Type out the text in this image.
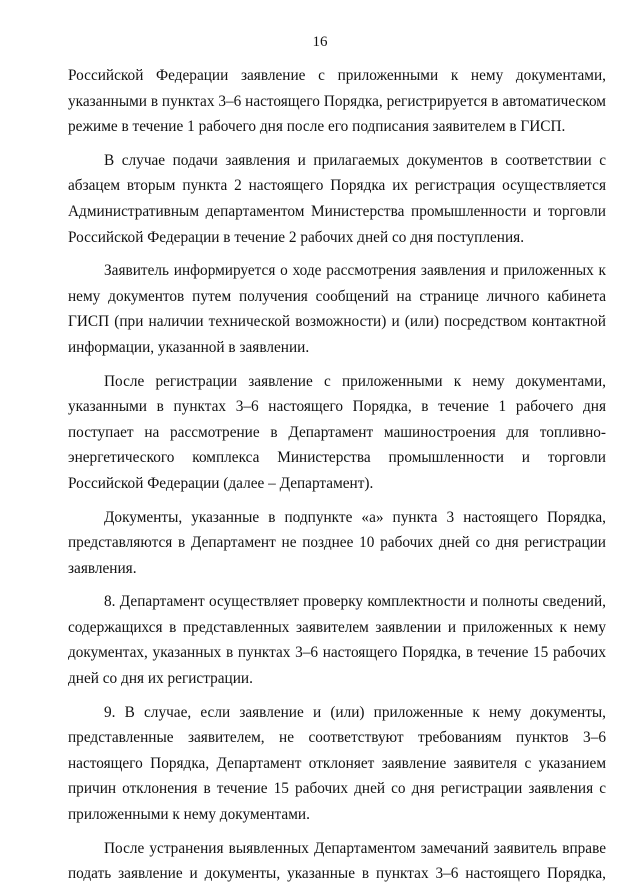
16

Российской Федерации заявление с приложенными к нему документами, указанными в пунктах 3–6 настоящего Порядка, регистрируется в автоматическом режиме в течение 1 рабочего дня после его подписания заявителем в ГИСП.

В случае подачи заявления и прилагаемых документов в соответствии с абзацем вторым пункта 2 настоящего Порядка их регистрация осуществляется Административным департаментом Министерства промышленности и торговли Российской Федерации в течение 2 рабочих дней со дня поступления.

Заявитель информируется о ходе рассмотрения заявления и приложенных к нему документов путем получения сообщений на странице личного кабинета ГИСП (при наличии технической возможности) и (или) посредством контактной информации, указанной в заявлении.

После регистрации заявление с приложенными к нему документами, указанными в пунктах 3–6 настоящего Порядка, в течение 1 рабочего дня поступает на рассмотрение в Департамент машиностроения для топливно-энергетического комплекса Министерства промышленности и торговли Российской Федерации (далее – Департамент).

Документы, указанные в подпункте «а» пункта 3 настоящего Порядка, представляются в Департамент не позднее 10 рабочих дней со дня регистрации заявления.

8. Департамент осуществляет проверку комплектности и полноты сведений, содержащихся в представленных заявителем заявлении и приложенных к нему документах, указанных в пунктах 3–6 настоящего Порядка, в течение 15 рабочих дней со дня их регистрации.

9. В случае, если заявление и (или) приложенные к нему документы, представленные заявителем, не соответствуют требованиям пунктов 3–6 настоящего Порядка, Департамент отклоняет заявление заявителя с указанием причин отклонения в течение 15 рабочих дней со дня регистрации заявления с приложенными к нему документами.

После устранения выявленных Департаментом замечаний заявитель вправе подать заявление и документы, указанные в пунктах 3–6 настоящего Порядка,
